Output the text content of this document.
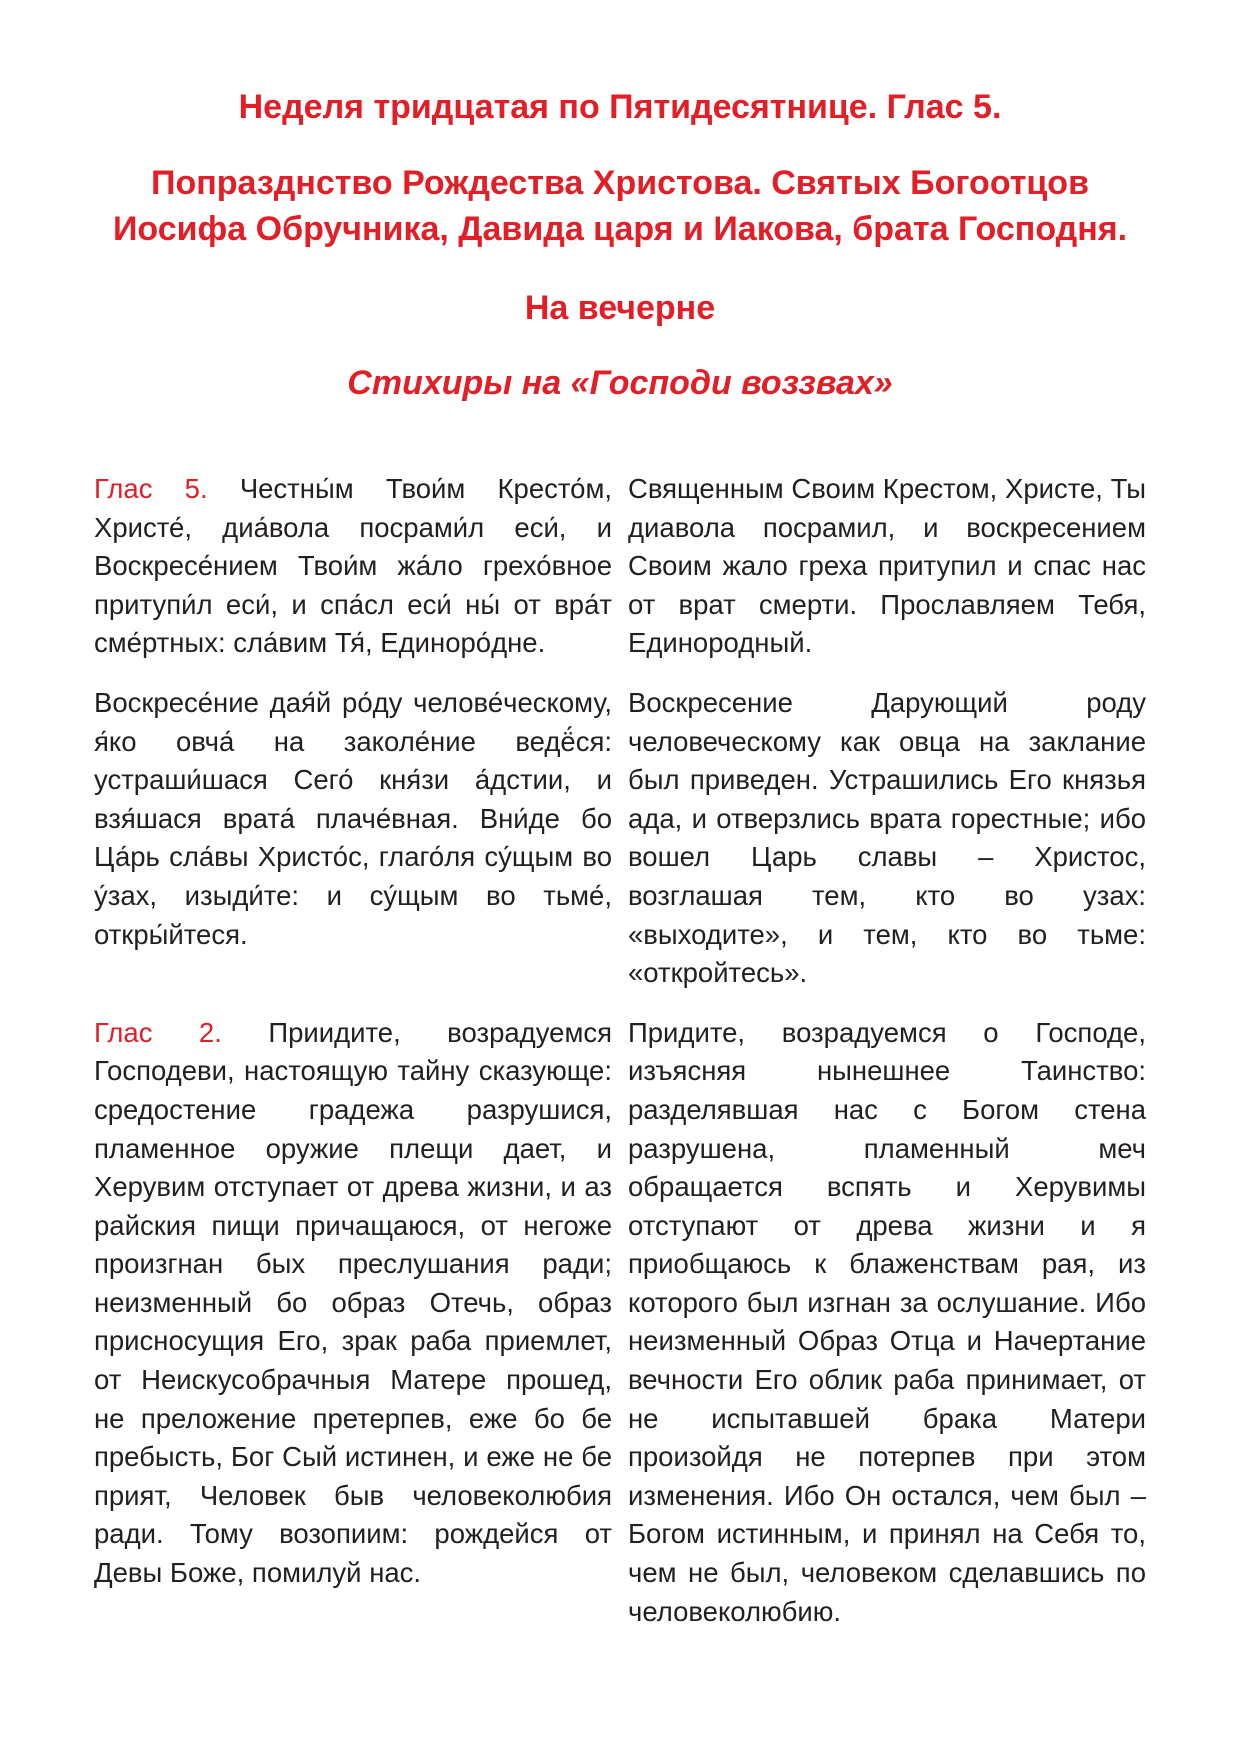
Неделя тридцатая по Пятидесятнице. Глас 5.
Попразднство Рождества Христова. Святых Богоотцов
Иосифа Обручника, Давида царя и Иакова, брата Господня.
На вечерне
Стихиры на «Господи воззвах»
Глас 5. Честны́м Твои́м Кресто́м, Христе́, диа́вола посрами́л еси́, и Воскресе́нием Твои́м жа́ло грехо́вное притупи́л еси́, и спа́сл еси́ ны́ от вра́т сме́ртных: сла́вим Тя́, Единоро́дне.
Священным Своим Крестом, Христе, Ты диавола посрамил, и воскресением Своим жало греха притупил и спас нас от врат смерти. Прославляем Тебя, Единородный.
Воскресе́ние дая́й ро́ду челове́ческому, я́ко овча́ на заколе́ние ведё́ся: устраши́шася Сего́ кня́зи а́дстии, и взя́шася врата́ плаче́вная. Вни́де бо Ца́рь сла́вы Христо́с, глаго́ля су́щым во у́зах, изыди́те: и су́щым во тьме́, откры́йтеся.
Воскресение Дарующий роду человеческому как овца на заклание был приведен. Устрашились Его князья ада, и отверзлись врата горестные; ибо вошел Царь славы – Христос, возглашая тем, кто во узах: «выходите», и тем, кто во тьме: «откройтесь».
Глас 2. Приидите, возрадуемся Господеви, настоящую тайну сказующе: средостение градежа разрушися, пламенное оружие плещи дает, и Херувим отступает от древа жизни, и аз райския пищи причащаюся, от негоже произгнан бых преслушания ради; неизменный бо образ Отечь, образ присносущия Его, зрак раба приемлет, от Неискусобрачныя Матере прошед, не преложение претерпев, еже бо бе пребысть, Бог Сый истинен, и еже не бе прият, Человек быв человеколюбия ради. Тому возопиим: рождейся от Девы Боже, помилуй нас.
Придите, возрадуемся о Господе, изъясняя нынешнее Таинство: разделявшая нас с Богом стена разрушена, пламенный меч обращается вспять и Херувимы отступают от древа жизни и я приобщаюсь к блаженствам рая, из которого был изгнан за ослушание. Ибо неизменный Образ Отца и Начертание вечности Его облик раба принимает, от не испытавшей брака Матери произойдя не потерпев при этом изменения. Ибо Он остался, чем был – Богом истинным, и принял на Себя то, чем не был, человеком сделавшись по человеколюбию.
